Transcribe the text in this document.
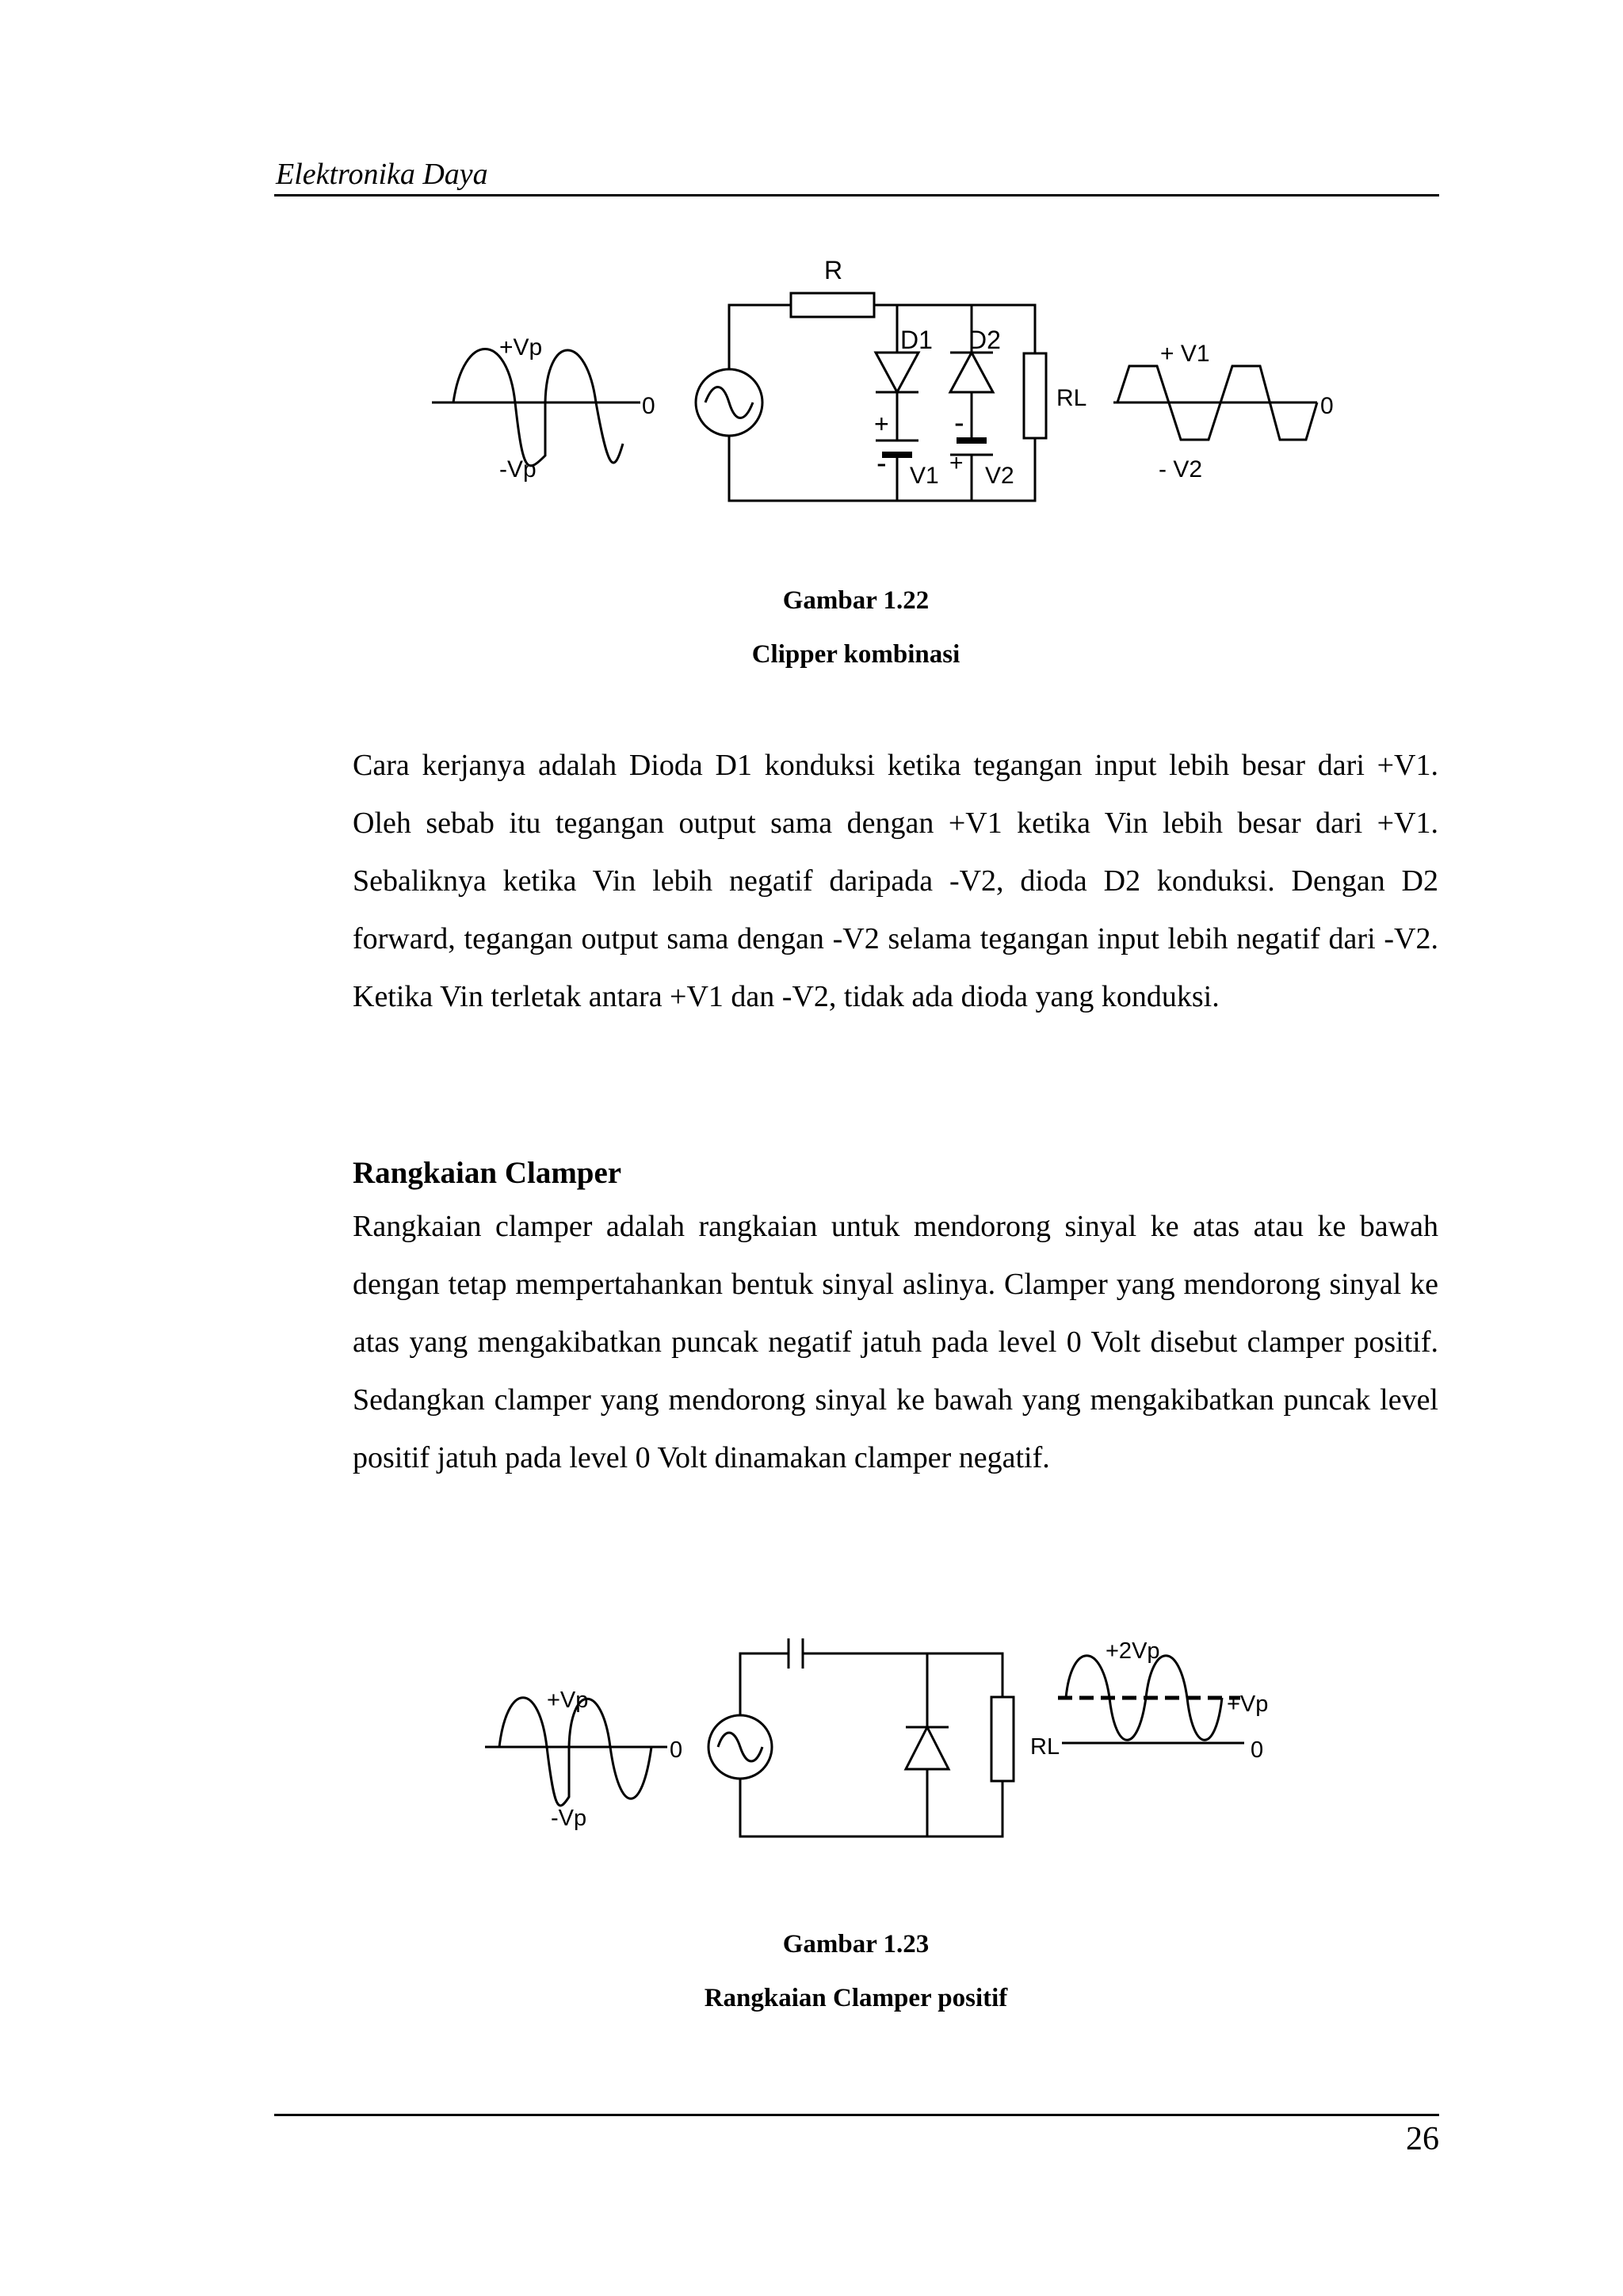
Elektronika Daya
R
D1 D2
RL
+Vp
-Vp
0
+ V1
- V2
0
+
- V1
-
+ V2
Gambar 1.22
Clipper kombinasi

Cara kerjanya adalah Dioda D1 konduksi ketika tegangan input lebih besar dari +V1. Oleh sebab itu tegangan output sama dengan +V1 ketika Vin lebih besar dari +V1. Sebaliknya ketika Vin lebih negatif daripada -V2, dioda D2 konduksi. Dengan D2 forward, tegangan output sama dengan -V2 selama tegangan input lebih negatif dari -V2. Ketika Vin terletak antara +V1 dan -V2, tidak ada dioda yang konduksi.

Rangkaian Clamper

Rangkaian clamper adalah rangkaian untuk mendorong sinyal ke atas atau ke bawah dengan tetap mempertahankan bentuk sinyal aslinya. Clamper yang mendorong sinyal ke atas yang mengakibatkan puncak negatif jatuh pada level 0 Volt disebut clamper positif. Sedangkan clamper yang mendorong sinyal ke bawah yang mengakibatkan puncak level positif jatuh pada level 0 Volt dinamakan clamper negatif.

+Vp
-Vp
0	RL
+2Vp
+Vp
0
Gambar 1.23
Rangkaian Clamper positif
26
